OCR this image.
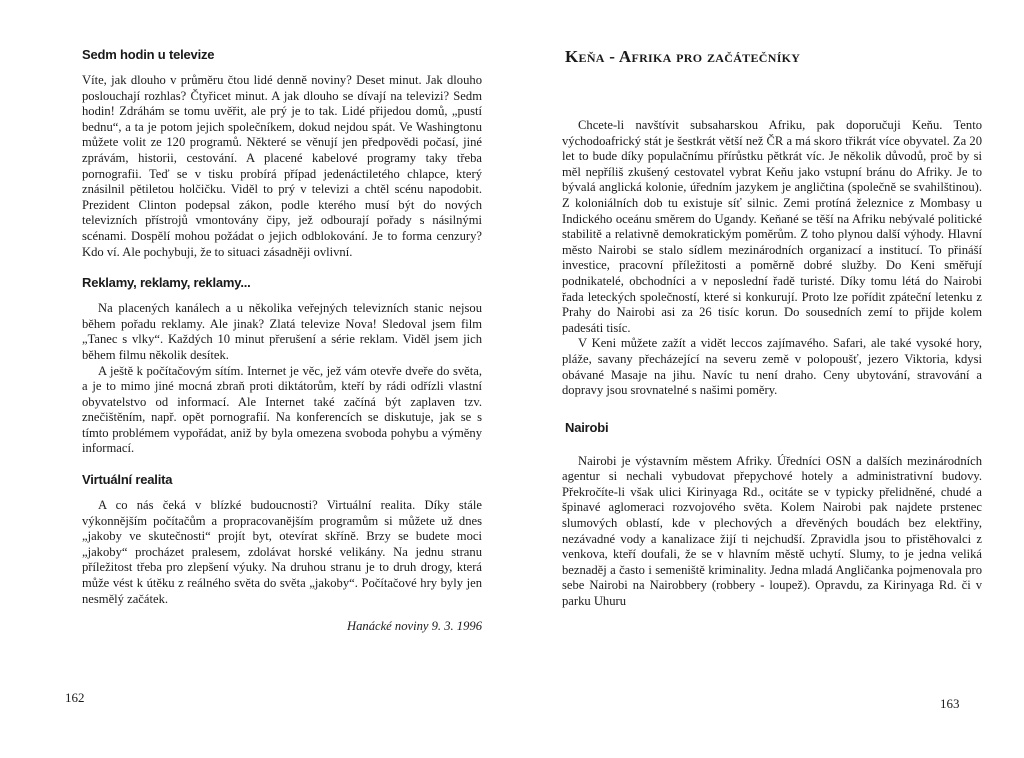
Sedm hodin u televize

Víte, jak dlouho v průměru čtou lidé denně noviny? Deset minut. Jak dlouho poslouchají rozhlas? Čtyřicet minut. A jak dlouho se dívají na televizi? Sedm hodin! Zdráhám se tomu uvěřit, ale prý je to tak. Lidé přijedou domů, „pustí bednu“, a ta je potom jejich společníkem, dokud nejdou spát. Ve Washingtonu můžete volit ze 120 programů. Některé se věnují jen předpovědi počasí, jiné zprávám, historii, cestování. A placené kabelové programy taky třeba pornografii. Teď se v tisku probírá případ jedenáctiletého chlapce, který znásilnil pětiletou holčičku. Viděl to prý v televizi a chtěl scénu napodobit. Prezident Clinton podepsal zákon, podle kterého musí být do nových televizních přístrojů vmontovány čipy, jež odbourají pořady s násilnými scénami. Dospělí mohou požádat o jejich odblokování. Je to forma cenzury? Kdo ví. Ale pochybuji, že to situaci zásadněji ovlivní.

Reklamy, reklamy, reklamy...

Na placených kanálech a u několika veřejných televizních stanic nejsou během pořadu reklamy. Ale jinak? Zlatá televize Nova! Sledoval jsem film „Tanec s vlky“. Každých 10 minut přerušení a série reklam. Viděl jsem jich během filmu několik desítek.

A ještě k počítačovým sítím. Internet je věc, jež vám otevře dveře do světa, a je to mimo jiné mocná zbraň proti diktátorům, kteří by rádi odřízli vlastní obyvatelstvo od informací. Ale Internet také začíná být zaplaven tzv. znečištěním, např. opět pornografií. Na konferencích se diskutuje, jak se s tímto problémem vypořádat, aniž by byla omezena svoboda pohybu a výměny informací.

Virtuální realita

A co nás čeká v blízké budoucnosti? Virtuální realita. Díky stále výkonnějším počítačům a propracovanějším programům si můžete už dnes „jakoby ve skutečnosti“ projít byt, otevírat skříně. Brzy se budete moci „jakoby“ procházet pralesem, zdolávat horské velikány. Na jednu stranu příležitost třeba pro zlepšení výuky. Na druhou stranu je to druh drogy, která může vést k útěku z reálného světa do světa „jakoby“. Počítačové hry byly jen nesmělý začátek.

Hanácké noviny 9. 3. 1996
162
Keňa - Afrika pro začátečníky

Chcete-li navštívit subsaharskou Afriku, pak doporučuji Keňu. Tento východoafrický stát je šestkrát větší než ČR a má skoro třikrát více obyvatel. Za 20 let to bude díky populačnímu přírůstku pětkrát víc. Je několik důvodů, proč by si měl nepříliš zkušený cestovatel vybrat Keňu jako vstupní bránu do Afriky. Je to bývalá anglická kolonie, úředním jazykem je angličtina (společně se svahilštinou). Z koloniálních dob tu existuje síť silnic. Zemi protíná železnice z Mombasy u Indického oceánu směrem do Ugandy. Keňané se těší na Afriku nebývalé politické stabilitě a relativně demokratickým poměrům. Z toho plynou další výhody. Hlavní město Nairobi se stalo sídlem mezinárodních organizací a institucí. To přináší investice, pracovní příležitosti a poměrně dobré služby. Do Keni směřují podnikatelé, obchodníci a v neposlední řadě turisté. Díky tomu létá do Nairobi řada leteckých společností, které si konkurují. Proto lze pořídit zpáteční letenku z Prahy do Nairobi asi za 26 tisíc korun. Do sousedních zemí to přijde kolem padesáti tisíc.

V Keni můžete zažít a vidět leccos zajímavého. Safari, ale také vysoké hory, pláže, savany přecházející na severu země v polopoušť, jezero Viktoria, kdysi obávané Masaje na jihu. Navíc tu není draho. Ceny ubytování, stravování a dopravy jsou srovnatelné s našimi poměry.

Nairobi

Nairobi je výstavním městem Afriky. Úředníci OSN a dalších mezinárodních agentur si nechali vybudovat přepychové hotely a administrativní budovy. Překročíte-li však ulici Kirinyaga Rd., ocitáte se v typicky přelidněné, chudé a špinavé aglomeraci rozvojového světa. Kolem Nairobi pak najdete prstenec slumových oblastí, kde v plechových a dřevěných boudách bez elektřiny, nezávadné vody a kanalizace žijí ti nejchudší. Zpravidla jsou to přistěhovalci z venkova, kteří doufali, že se v hlavním městě uchytí. Slumy, to je jedna veliká beznaděj a často i semeniště kriminality. Jedna mladá Angličanka pojmenovala pro sebe Nairobi na Nairobbery (robbery - loupež). Opravdu, za Kirinyaga Rd. či v parku Uhuru

163
